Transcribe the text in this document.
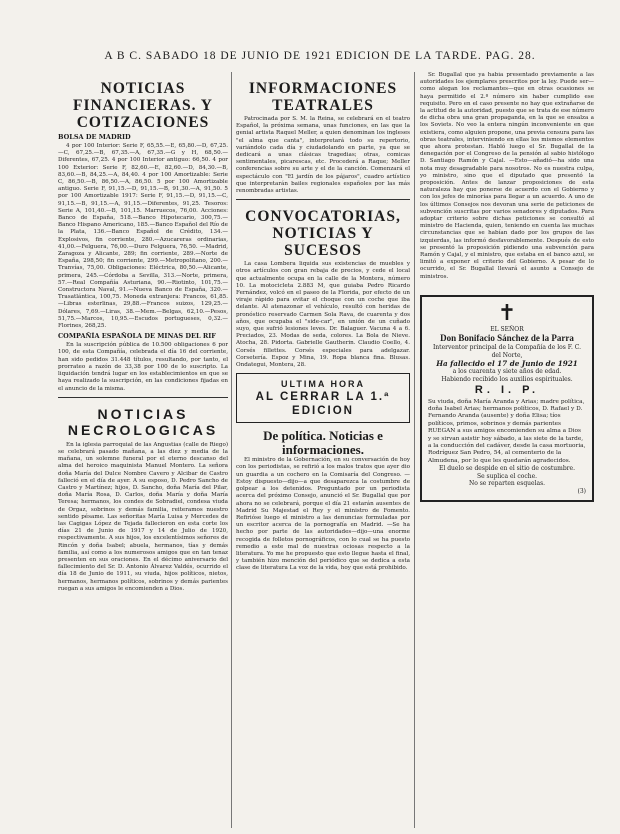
A B C. SABADO 18 DE JUNIO DE 1921 EDICION DE LA TARDE. PAG. 28.
NOTICIAS FINANCIERAS. Y COTIZACIONES
BOLSA DE MADRID
4 por 100 Interior: Serie F, 65,55.—E, 65,80.—D, 67,25.—C, 67,25.—B, 67,35.—A, 67,35.—G y H, 68,50.—Diferentes, 67,25. 4 por 100 Interior antiguo: 66,50. 4 por 100 Exterior: Serie F, 82,60.—E, 82,60.—D, 84,30.—B, 83,60.—B, 84,25.—A, 84,40. 4 por 100 Amortizable: Serie C, 86,50.—B, 86,50.—A, 86,50. 5 por 100 Amortizable antiguo. Serie F, 91,15.—D, 91,15.—B, 91,30.—A, 91,50. 5 por 100 Amortizable 1917: Serie F, 91,15.—D, 91,15.—C, 91,15.—B, 91,15.—A, 91,15.—Diferentes, 91,25. Tesoros: Serie A, 101,40.—B, 101,15. Marruecos, 76,00. Acciones: Banco de España, 518.—Banco Hipotecario, 300,75.—Banco Hispano Americano, 185.—Banco Español del Río de la Plata, 136.—Banco Español de Crédito, 134.—Explosivos, fin corriente, 280.—Azucareras ordinarias, 41,00.—Felguera, 76,00.—Duro Felguera, 76,50. —Madrid, Zaragoza y Alicante, 289; fin corriente, 289.—Norte de España, 298,50; fin corriente, 299.—Metropolitano, 200.—Tranvías, 75,00. Obligaciones: Eléctrica, 80,50.—Alicante, primera, 245.—Córdoba a Sevilla, 313.—Norte, primera, 57.—Real Compañía Asturiana, 90.—Riotinto, 101,75.—Constructora Naval, 91.—Nueva Banco de España, 320.—Trasatlántica, 100,75. Moneda extranjera: Francos, 61,85.—Libras esterlinas, 29,88.—Francos suizos, 129,25.—Dólares, 7,69.—Liras, 38.—Mem.—Belgas, 62,10.—Pesos, 51,75.—Marcos, 10,95.—Escudos portugueses, 0,32.—Florines, 268,25.
COMPAÑÍA ESPAÑOLA DE MINAS DEL RIF
En la suscripción pública de 10.500 obligaciones 6 por 100, de esta Compañía, celebrada el día 16 del corriente, han sido pedidos 31.448 títulos, resultando, por tanto, el prorrateo a razón de 33,38 por 100 de lo suscripto. La liquidación tendrá lugar en los establecimientos en que se haya realizado la suscripción, en las condiciones fijadas en el anuncio de la misma.
NOTICIAS NECROLOGICAS
En la iglesia parroquial de las Angustias (calle de Riego) se celebrará pasado mañana, a las diez y media de la mañana, un solemne funeral por el eterno descanso del alma del heroico maquinista Manuel Montero. La señora doña María del Dulce Nombre Cavero y Alcibar de Castro falleció en el día de ayer. A su esposo, D. Pedro Sancho de Castro y Martínez; hijos, D. Sancho, doña María del Pilar, doña María Rosa, D. Carlos, doña María y doña María Teresa; hermanos, los condes de Sobradiel, condesa viuda de Orgaz, sobrinos y demás familia, reiteramos nuestro sentido pésame. Las señoritas María Luisa y Mercedes de las Cagigas López de Tejada fallecieron en esta corte los días 21 de Junio de 1917 y 14 de Julio de 1920, respectivamente. A sus hijos, los excelentísimos señores de Rincón y doña Isabel; abuela, hermanos, tías y demás familia, así como a los numerosos amigos que en tan tenaz presenten en sus oraciones. En el décimo aniversario del fallecimiento del Sr. D. Antonio Álvarez Valdés, ocurrido el día 18 de Junio de 1911, su viuda, hijos políticos, nietos, hermanos, hermanos políticos, sobrinos y demás parientes ruegan a sus amigos le encomienden a Dios.
INFORMACIONES TEATRALES
Patrocinada por S. M. la Reina, se celebrará en el teatro Español, la próxima semana, unas funciones, en las que la genial artista Raquel Meller, a quien denominan los ingleses "el alma que canta", interpretará todo su repertorio, variándolo cada día y ciudadolando en parte, ya que se dedicará a unas clásicas tragedias; otras, comicas sentimentales, picarescas, etc. Procederá a Raque; Meller conferencias sobre su arte y el de la canción. Comenzará el espectáculo con "El jardín de los pájaros", cuadro artístico que interpretarán bailes regionales españoles por las más renombradas artistas.
CONVOCATORIAS, NOTICIAS Y SUCESOS
La casa Lombera liquida sus existencias de muebles y otros artículos con gran rebaja de precios, y cede el local que actualmente ocupa en la calle de la Montera, número 10. La motocicleta 2.883 M, que guiaba Pedro Ricardo Fernández, volcó en el paseo de la Florida, por efecto de un viraje rápido para evitar el choque con un coche que iba delante. Al atenazonar el vehículo, resultó con heridas de pronóstico reservado Carmen Sola Rava, de cuarenta y dos años, que ocupaba el "side-car", en unión de un cuñado suyo, que sufrió lesiones leves. Dr. Balaguer. Vacuna 4 a 6. Preciados, 23. Modas de seda, colores. La Bola de Nieve. Atocha, 28. Pidorta. Gabrielle Gautherin. Claudio Coello, 4. Corsés fillettes. Corsés especiales para adelgazar. Corsetería. Espoz y Mina, 19. Ropa blanca fina. Blusas. Ondategui, Montera, 28.
ULTIMA HORA
AL CERRAR LA 1.ª EDICION
De política. Noticias e informaciones.
El ministro de la Gobernación, en su conversación de hoy con los periodistas, se refirió a los malos tratos que ayer dio un guardia a un cochero en la Comisaría del Congreso. —Estoy dispuesto—dijo—a que desaparezca la costumbre de golpear a los detenidos. Preguntado por un periodista acerca del próximo Consejo, anunció el Sr. Bugallal que por ahora no se celebrará, porque el día 21 estarán ausentes de Madrid Su Majestad el Rey y el ministro de Fomento. Refirióse luego el ministro a las denuncias formuladas por un escritor acerca de la pornografía en Madrid. —Se ha hecho por parte de las autoridades—dijo—una enorme recogida de folletos pornográficos, con lo cual se ha puesto remedio a este mal de nuestras ociosas respecto a la literatura. Yo me he propuesto que esto llegue hasta el final, y también hizo mención del periódico que se dedica a esta clase de literatura La voz de la vida, hoy que está prohibido.
Sr. Bugallal que ya había presentado previamente a las autoridades los ejemplares prescritos por la ley. Puede ser—como alegan los reclamantes—que en otras ocasiones se haya permitido el 2.º número sin haber cumplido ese requisito. Pero en el caso presente no hay que extrañarse de la actitud de la autoridad, puesto que se trata de ese número de dicha obra una gran propaganda, en la que se ensalza a los Soviets. No veo la entera ningún inconveniente en que existiera, como alguien propone, una previa censura para las obras teatrales, interviniendo en ellas los mismos elementos que ahora protestan. Habló luego el Sr. Bugallal de la denegación por el Congreso de la pensión al sabio histólogo D. Santiago Ramón y Cajal. —Esto—añadió—ha sido una nota muy desagradable para nosotros. No es nuestra culpa, yo ministro, sino que el diputado que presentó la proposición. Antes de lanzar proposiciones de esta naturaleza hay que ponerse de acuerdo con el Gobierno y con los jefes de minorías para llegar a un acuerdo. A uno de los últimos Consejos nos devoran una serie de peticiones de subvención suscritas por varios senadores y diputados. Para adoptar criterio sobre dichas peticiones se consultó al ministro de Hacienda, quien, teniendo en cuenta las muchas circunstancias que se habían dado por los grupos de las izquierdas, las informó desfavorablemente. Después de esto se presentó la proposición pidiendo una subvención para Ramón y Cajal, y el ministro, que estaba en el banco azul, se limitó a exponer el criterio del Gobierno. A pesar de lo ocurrido, el Sr. Bugallal llevará el asunto a Consejo de ministros.
✝
EL SEÑOR
Don Bonifacio Sánchez de la Parra
Interventor principal de la Compañía de los F. C. del Norte,
Ha fallecido el 17 de Junio de 1921
a los cuarenta y siete años de edad.
Habiendo recibido los auxilios espirituales.
R. I. P.
Su viuda, doña María Aranda y Arias; madre política, doña Isabel Arias; hermanos políticos, D. Rafael y D. Fernando Aranda (ausente) y doña Elisa; tíos políticos, primos, sobrinos y demás parientes
RUEGAN a sus amigos encomienden su alma a Dios y se sirvan asistir hoy sábado, a las siete de la tarde, a la conducción del cadáver, desde la casa mortuoria, Rodríguez San Pedro, 54, al cementerio de la Almudena, por lo que les quedarán agradecidos.
El duelo se despide en el sitio de costumbre.
Se suplica el coche.
No se reparten esquelas.
(3)
